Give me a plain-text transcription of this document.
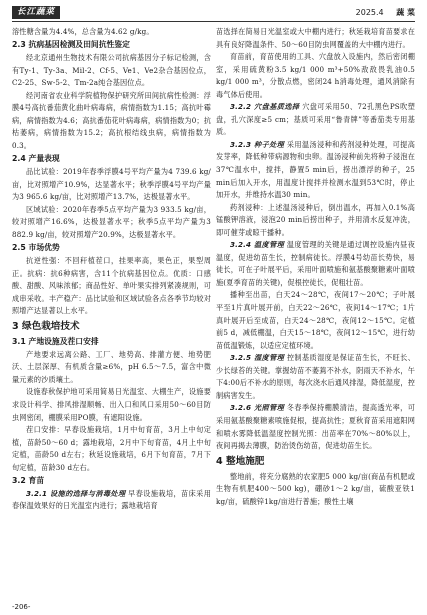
长江蔬菜	2025.4 蔬 菜

溶性糖含量为4.4%，总含量为4.62 g/kg。

2.3 抗病基因检测及田间抗性鉴定

经北京通州生物技术有限公司抗病基因分子标记检测，含有Ty-1、Ty-3a、Mil-2、Cf-5、Ve1、Ve2杂合基因位点，C2-25、Sw-5-2、Tm-2a纯合基因位点。

经河南省农业科学院植物保护研究所田间抗病性检测：浮膜4号高抗番茄黄化曲叶病毒病，病情指数为1.15；高抗叶霉病，病情指数为4.6；高抗番茄花叶病毒病，病情指数为0；抗枯萎病，病情指数为15.2；高抗根结线虫病，病情指数为0.3。

2.4 产量表现

品比试验：2019年春季浮膜4号平均产量为4 739.6 kg/亩，比对照增产10.9%，达显著水平；秋季浮膜4号平均产量为3 965.6 kg/亩，比对照增产13.7%，达极显著水平。

区域试验：2020年春季5点平均产量为3 933.5 kg/亩，较对照增产16.6%，达极显著水平；秋季5点平均产量为3 882.9 kg/亩，较对照增产20.9%，达极显著水平。

2.5 市场优势

抗逆性强：不回秆植茬口，挂果率高，果色正，果型周正。抗病：抗6种病害，含11个抗病基因位点。优质：口感酸、甜酸、风味浓郁；商品性好、单叶果实排列紧凑规则，可成串采收。丰产稳产：品比试验和区域试验各点各季节均较对照增产达显著以上水平。

3 绿色栽培技术
3.1 产地设施及茬口安排

产地要求远离公路、工厂、地势高、排灌方便、地势肥沃、土层深厚、有机质含量≥6%，pH 6.5～7.5，富含中微量元素的沙质壤土。

设施春秋保护地可采用简易日光温室、大棚生产，设施要求设计科学、排风排湿顺畅、出入口和风口采用50～60目防虫网密闭，棚膜采用PO膜，有遮阳设施。

茬口安排：早春设施栽培，1月中旬育苗，3月上中旬定植，苗龄50～60 d；露地栽培，2月中下旬育苗，4月上中旬定植，苗龄50 d左右；秋延设施栽培，6月下旬育苗，7月下旬定植，苗龄30 d左右。

3.2 育苗

3.2.1 设施的选择与消毒处理 早春设施栽培，苗床采用春保温效果好的日光温室内进行；露地栽培育

苗选择在简易日光温室或大中棚内进行；秋延栽培育苗要求在具有良好降温条件、50～60目防虫网覆盖的大中棚内进行。

育苗前，育苗使用的工具、穴盘放入设施内，然后密闭棚室，采用硫黄粉3.5 kg/1 000 m³+50%敌敌畏乳油0.5 kg/1 000 m³，分散点燃，密闭24 h消毒处理，通风消除有毒气体后使用。

3.2.2 穴盘基质选择 穴盘可采用50、72孔黑色PS吹塑盘，孔穴深度≥5 cm；基质可采用“鲁青牌”等番茄类专用基质。

3.2.3 种子处理 采用温汤浸种和药剂浸种处理，可提高发芽率，降低种带病源物和虫卵。温汤浸种前先将种子浸泡在37℃温水中，搅拌，静置5 min后，捞出漂浮的种子，25 min后加入开水，用温度计搅拌并检测水温到53℃时，停止加开水，并维持水温30 min。

药剂浸种：上述温汤浸种后，倒出温水，再加入0.1%高锰酸钾溶液，浸泡20 min后捞出种子，并用清水反复冲洗，即可催芽或晾干播种。

3.2.4 温度管理 温度管理的关键是通过调控设施内昼夜温度，促进幼苗生长，控制病徒长。浮膜4号幼苗长势快，易徒长，可在子叶展平后，采用叶面喷施和氨基酸聚糖素叶面喷施(夏季育苗的关键)，促根控徒长，促粗壮苗。

播种至出苗，白天24～28℃，夜间17～20℃；子叶展平至1片真叶展开前，白天22～26℃，夜间14～17℃；1片真叶展开后至成苗，白天24～28℃，夜间12～15℃。定植前5 d，减低棚温，白天15～18℃，夜间12～15℃，进行幼苗低温锻炼，以适应定植环境。

3.2.5 湿度管理 控制基质湿度是保证苗生长，不旺长、少长绿苔的关键。掌握幼苗不萎蔫不补水，阴雨天不补水，午下4:00后不补水的原则，每次浇水后通风排湿，降低湿度，控制病害发生。

3.2.6 光照管理 冬春季保持棚膜清洁，提高透光率，可采用氨基酸聚糖素喷施促根，提高抗性；夏秋育苗采用遮阳网和喷水雾降低温湿度控制光照：出苗率在70%～80%以上，夜间再揭去薄膜，防治烫伤幼苗，促进幼苗生长。

4 整地施肥

整地前，将充分腐熟的农家肥5 000 kg/亩(商品有机肥或生物有机肥400～500 kg)，硼砂1～2 kg/亩，硫酸亚铁1 kg/亩，硫酸锌1kg/亩进行普施；酸性土壤

-206-
